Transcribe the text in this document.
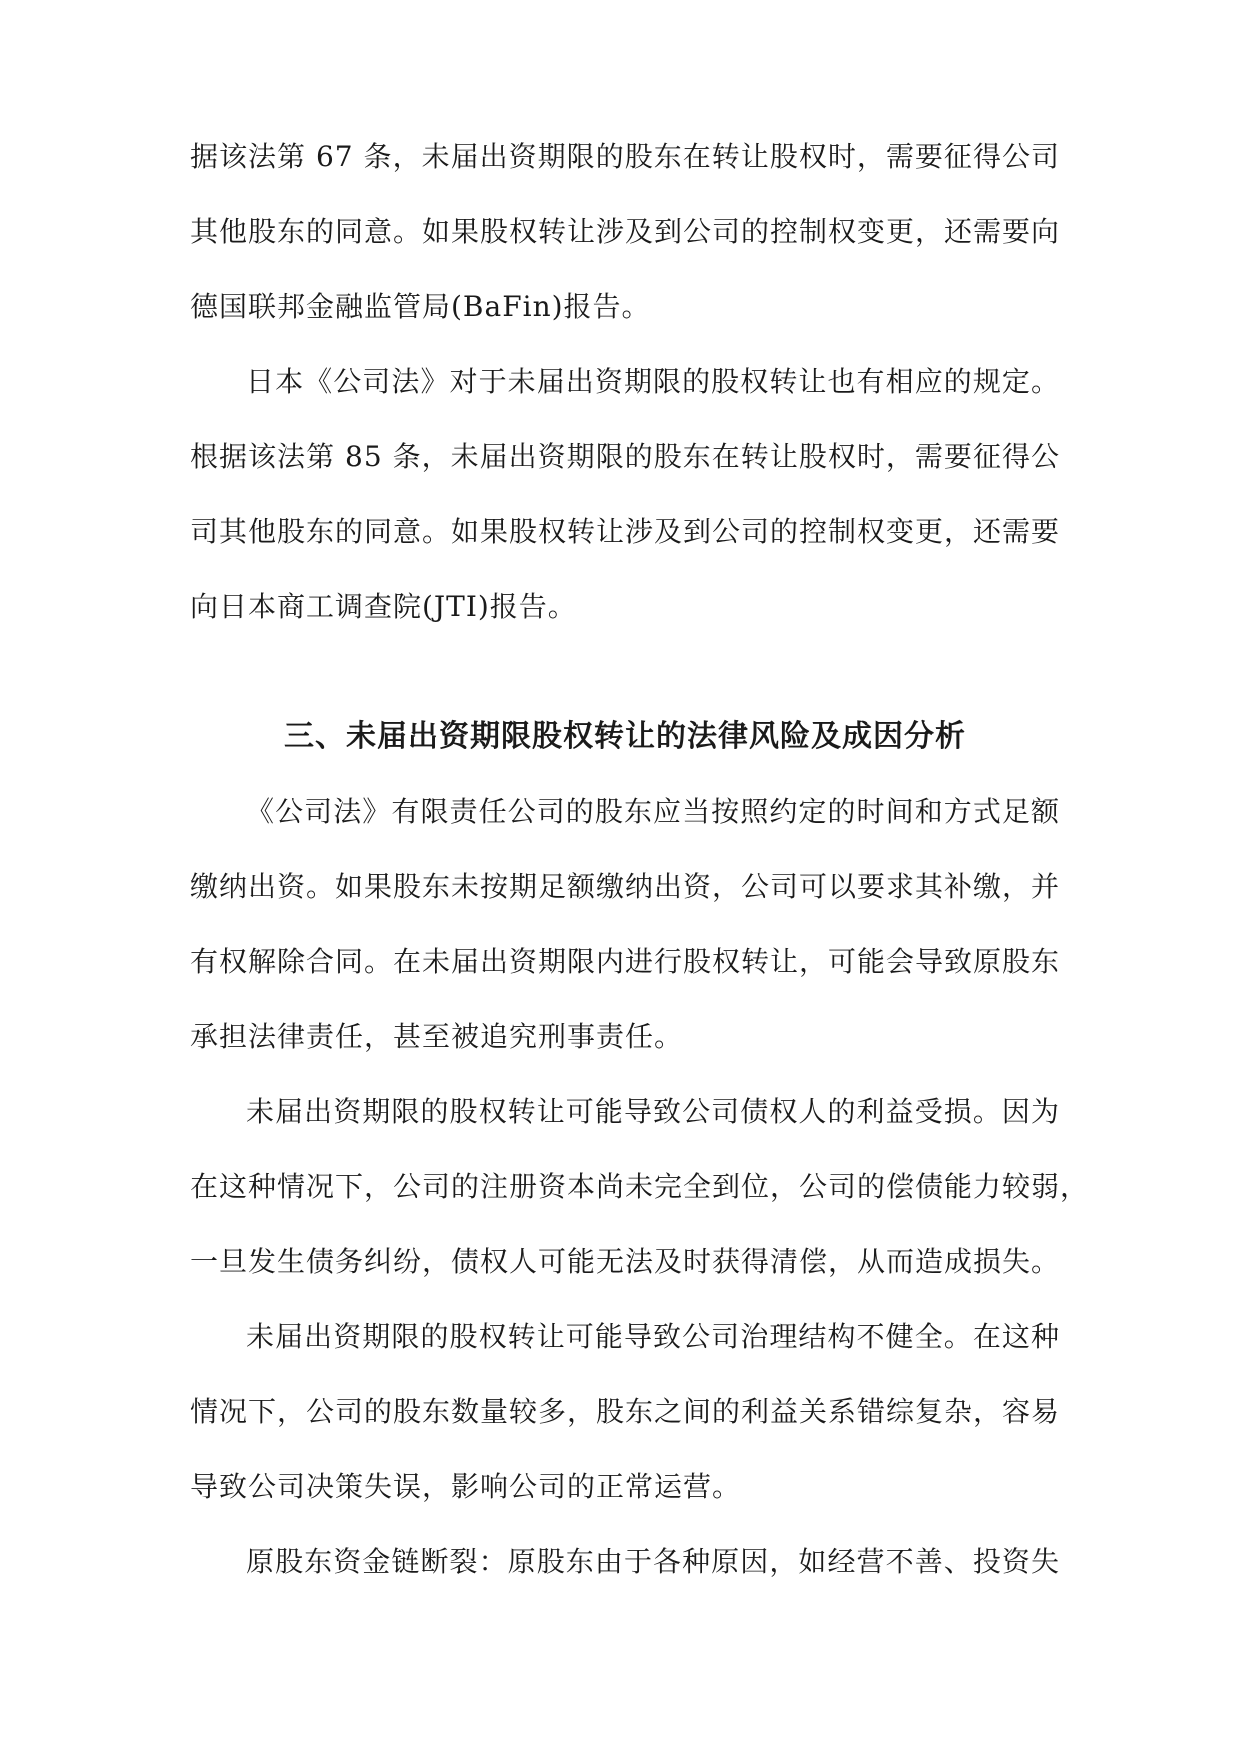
据该法第 67 条，未届出资期限的股东在转让股权时，需要征得公司
其他股东的同意。如果股权转让涉及到公司的控制权变更，还需要向
德国联邦金融监管局(BaFin)报告。
日本《公司法》对于未届出资期限的股权转让也有相应的规定。
根据该法第 85 条，未届出资期限的股东在转让股权时，需要征得公
司其他股东的同意。如果股权转让涉及到公司的控制权变更，还需要
向日本商工调查院(JTI)报告。
三、未届出资期限股权转让的法律风险及成因分析
《公司法》有限责任公司的股东应当按照约定的时间和方式足额
缴纳出资。如果股东未按期足额缴纳出资，公司可以要求其补缴，并
有权解除合同。在未届出资期限内进行股权转让，可能会导致原股东
承担法律责任，甚至被追究刑事责任。
未届出资期限的股权转让可能导致公司债权人的利益受损。因为
在这种情况下，公司的注册资本尚未完全到位，公司的偿债能力较弱，
一旦发生债务纠纷，债权人可能无法及时获得清偿，从而造成损失。
未届出资期限的股权转让可能导致公司治理结构不健全。在这种
情况下，公司的股东数量较多，股东之间的利益关系错综复杂，容易
导致公司决策失误，影响公司的正常运营。
原股东资金链断裂：原股东由于各种原因，如经营不善、投资失
